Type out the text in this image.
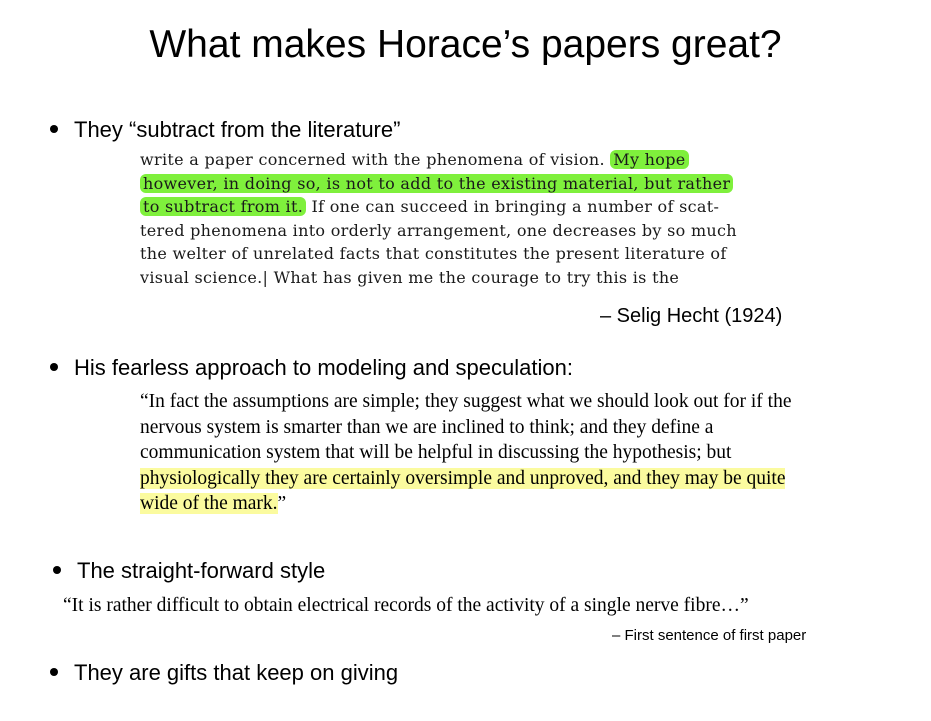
What makes Horace’s papers great?
They “subtract from the literature”
write a paper concerned with the phenomena of vision. My hope
however, in doing so, is not to add to the existing material, but rather
to subtract from it. If one can succeed in bringing a number of scat-
tered phenomena into orderly arrangement, one decreases by so much
the welter of unrelated facts that constitutes the present literature of
visual science.| What has given me the courage to try this is the
– Selig Hecht (1924)
His fearless approach to modeling and speculation:
“In fact the assumptions are simple; they suggest what we should look out for if the
nervous system is smarter than we are inclined to think; and they define a
communication system that will be helpful in discussing the hypothesis; but
physiologically they are certainly oversimple and unproved, and they may be quite
wide of the mark.”
The straight-forward style
“It is rather difficult to obtain electrical records of the activity of a single nerve fibre…”
– First sentence of first paper
They are gifts that keep on giving
